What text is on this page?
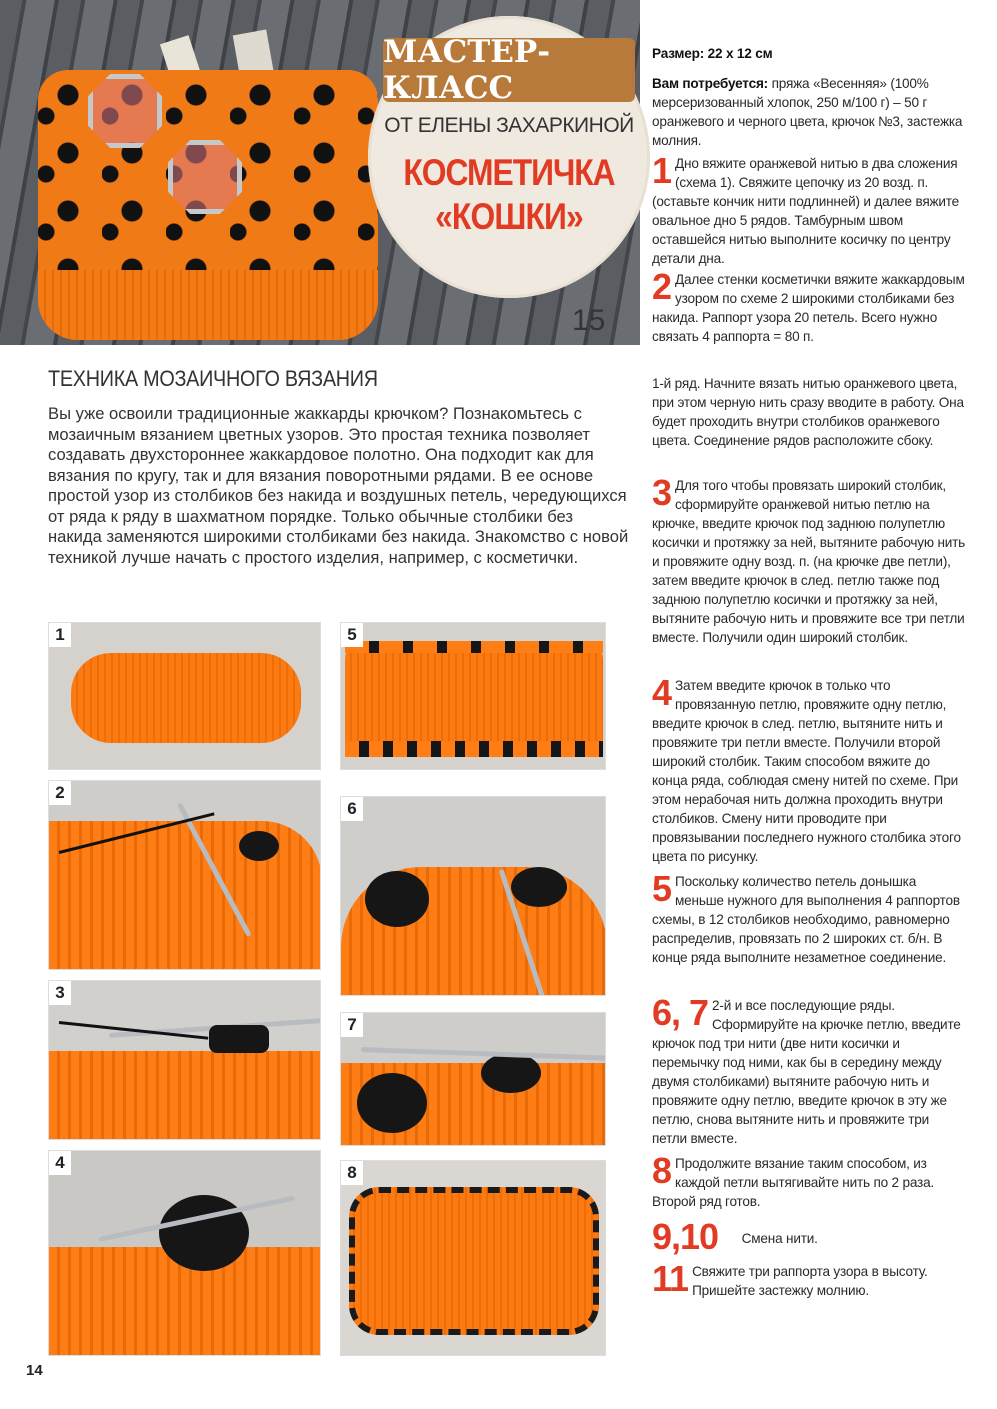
МАСТЕР-КЛАСС
ОТ ЕЛЕНЫ ЗАХАРКИНОЙ
КОСМЕТИЧКА
«КОШКИ»
15
ТЕХНИКА МОЗАИЧНОГО ВЯЗАНИЯ
Вы уже освоили традиционные жаккарды крючком? Познакомьтесь с мозаичным вязанием цветных узоров. Это простая техника позволяет создавать двухстороннее жаккардовое полотно. Она подходит как для вязания по кругу, так и для вязания поворотными рядами. В ее основе простой узор из столбиков без накида и воздушных петель, чередующихся от ряда к ряду в шахматном порядке. Только обычные столбики без накида заменяются широкими столбиками без накида. Знакомство с новой техникой лучше начать с простого изделия, например, с косметички.
1
2
3
4
5
6
7
8
Размер: 22 х 12 см
Вам потребуется: пряжа «Весенняя» (100% мерсеризованный хлопок, 250 м/100 г) – 50 г оранжевого и черного цвета, крючок №3, застежка молния.
1 Дно вяжите оранжевой нитью в два сложения (схема 1). Свяжите цепочку из 20 возд. п. (оставьте кончик нити подлинней) и далее вяжите овальное дно 5 рядов. Тамбурным швом оставшейся нитью выполните косичку по центру детали дна.
2 Далее стенки косметички вяжите жаккардовым узором по схеме 2 широкими столбиками без накида. Раппорт узора 20 петель. Всего нужно связать 4 раппорта = 80 п.
1-й ряд. Начните вязать нитью оранжевого цвета, при этом черную нить сразу вводите в работу. Она будет проходить внутри столбиков оранжевого цвета. Соединение рядов расположите сбоку.
3 Для того чтобы провязать широкий столбик, сформируйте оранжевой нитью петлю на крючке, введите крючок под заднюю полупетлю косички и протяжку за ней, вытяните рабочую нить и провяжите одну возд. п. (на крючке две петли), затем введите крючок в след. петлю также под заднюю полупетлю косички и протяжку за ней, вытяните рабочую нить и провяжите все три петли вместе. Получили один широкий столбик.
4 Затем введите крючок в только что провязанную петлю, провяжите одну петлю, введите крючок в след. петлю, вытяните нить и провяжите три петли вместе. Получили второй широкий столбик. Таким способом вяжите до конца ряда, соблюдая смену нитей по схеме. При этом нерабочая нить должна проходить внутри столбиков. Смену нити проводите при провязывании последнего нужного столбика этого цвета по рисунку.
5 Поскольку количество петель донышка меньше нужного для выполнения 4 раппортов схемы, в 12 столбиков необходимо, равномерно распределив, провязать по 2 широких ст. б/н. В конце ряда выполните незаметное соединение.
6, 7 2-й и все последующие ряды. Сформируйте на крючке петлю, введите крючок под три нити (две нити косички и перемычку под ними, как бы в середину между двумя столбиками) вытяните рабочую нить и провяжите одну петлю, введите крючок в эту же петлю, снова вытяните нить и провяжите три петли вместе.
8 Продолжите вязание таким способом, из каждой петли вытягивайте нить по 2 раза. Второй ряд готов.
9,10 Смена нити.
11 Свяжите три раппорта узора в высоту. Пришейте застежку молнию.
14
